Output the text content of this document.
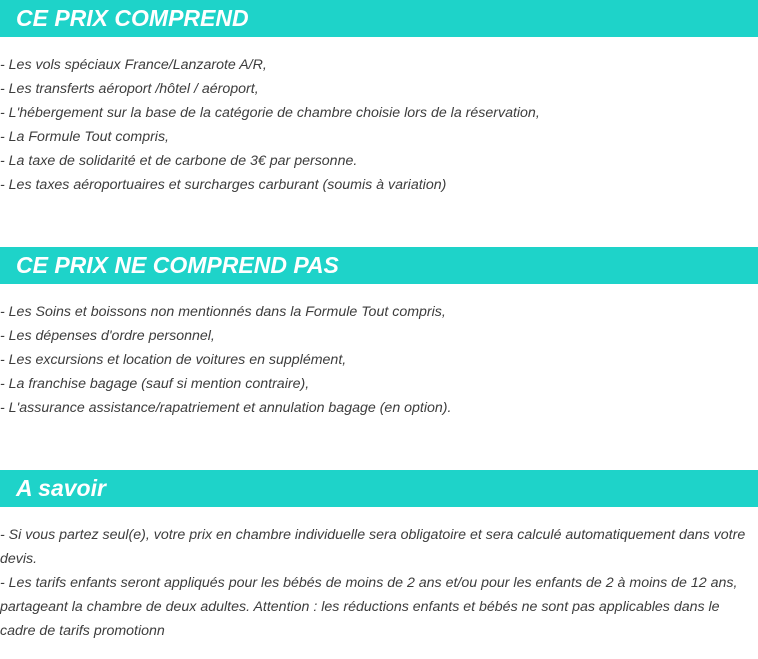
CE PRIX COMPREND
- Les vols spéciaux France/Lanzarote A/R,
- Les transferts aéroport /hôtel / aéroport,
- L'hébergement sur la base de la catégorie de chambre choisie lors de la réservation,
- La Formule Tout compris,
- La taxe de solidarité et de carbone de 3€ par personne.
- Les taxes aéroportuaires et surcharges carburant (soumis à variation)
CE PRIX NE COMPREND PAS
- Les Soins et boissons non mentionnés dans la Formule Tout compris,
- Les dépenses d'ordre personnel,
- Les excursions et location de voitures en supplément,
- La franchise bagage (sauf si mention contraire),
- L'assurance assistance/rapatriement et annulation bagage (en option).
A savoir
- Si vous partez seul(e), votre prix en chambre individuelle sera obligatoire et sera calculé automatiquement dans votre devis.
- Les tarifs enfants seront appliqués pour les bébés de moins de 2 ans et/ou pour les enfants de 2 à moins de 12 ans, partageant la chambre de deux adultes. Attention : les réductions enfants et bébés ne sont pas applicables dans le cadre de tarifs promotionn
